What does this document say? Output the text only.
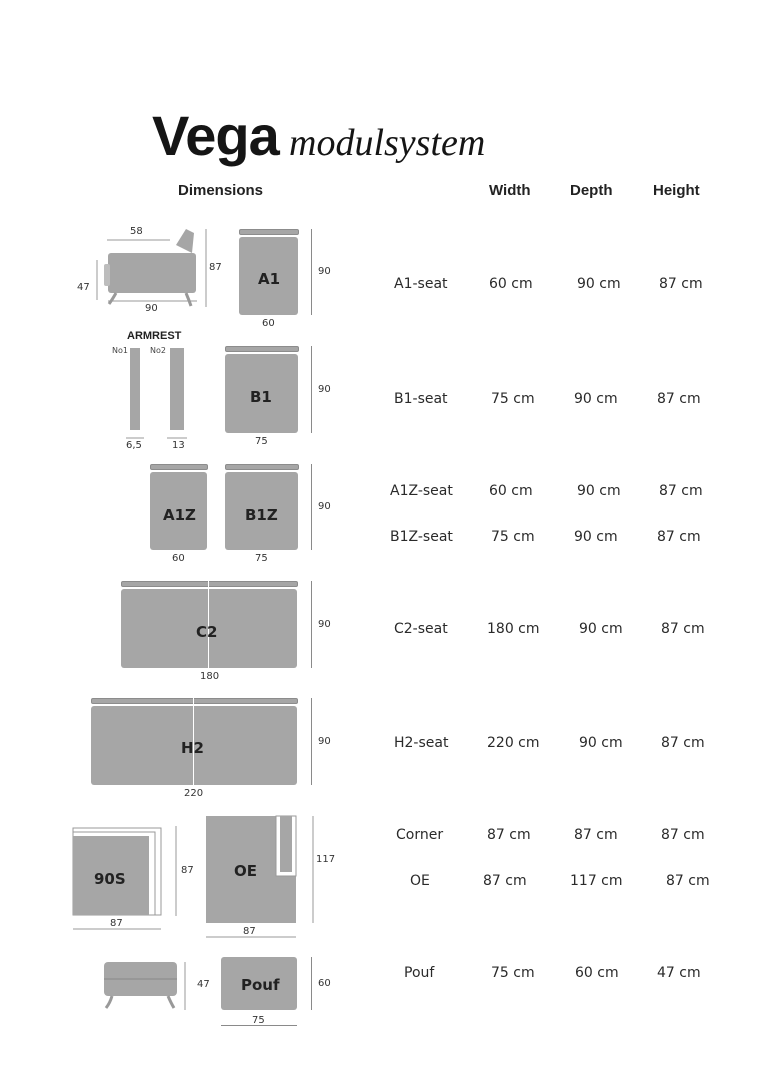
Vega modulsystem
Dimensions	Width	Depth	Height
58
87
47
90
A1	90
60
ARMREST
No1	No2
6,5	13
B1	90
75
A1Z
60
B1Z
75
90
C2	90
180
H2	90
220
90S	87
87
OE
117
87
47 Pouf	60
75
A1-seat	60 cm	90 cm	87 cm
B1-seat	75 cm	90 cm	87 cm
A1Z-seat	60 cm	90 cm	87 cm
B1Z-seat	75 cm	90 cm	87 cm
C2-seat	180 cm	90 cm	87 cm
H2-seat	220 cm	90 cm	87 cm
Corner	87 cm	87 cm	87 cm
OE	87 cm	117 cm	87 cm
Pouf	75 cm	60 cm	47 cm
